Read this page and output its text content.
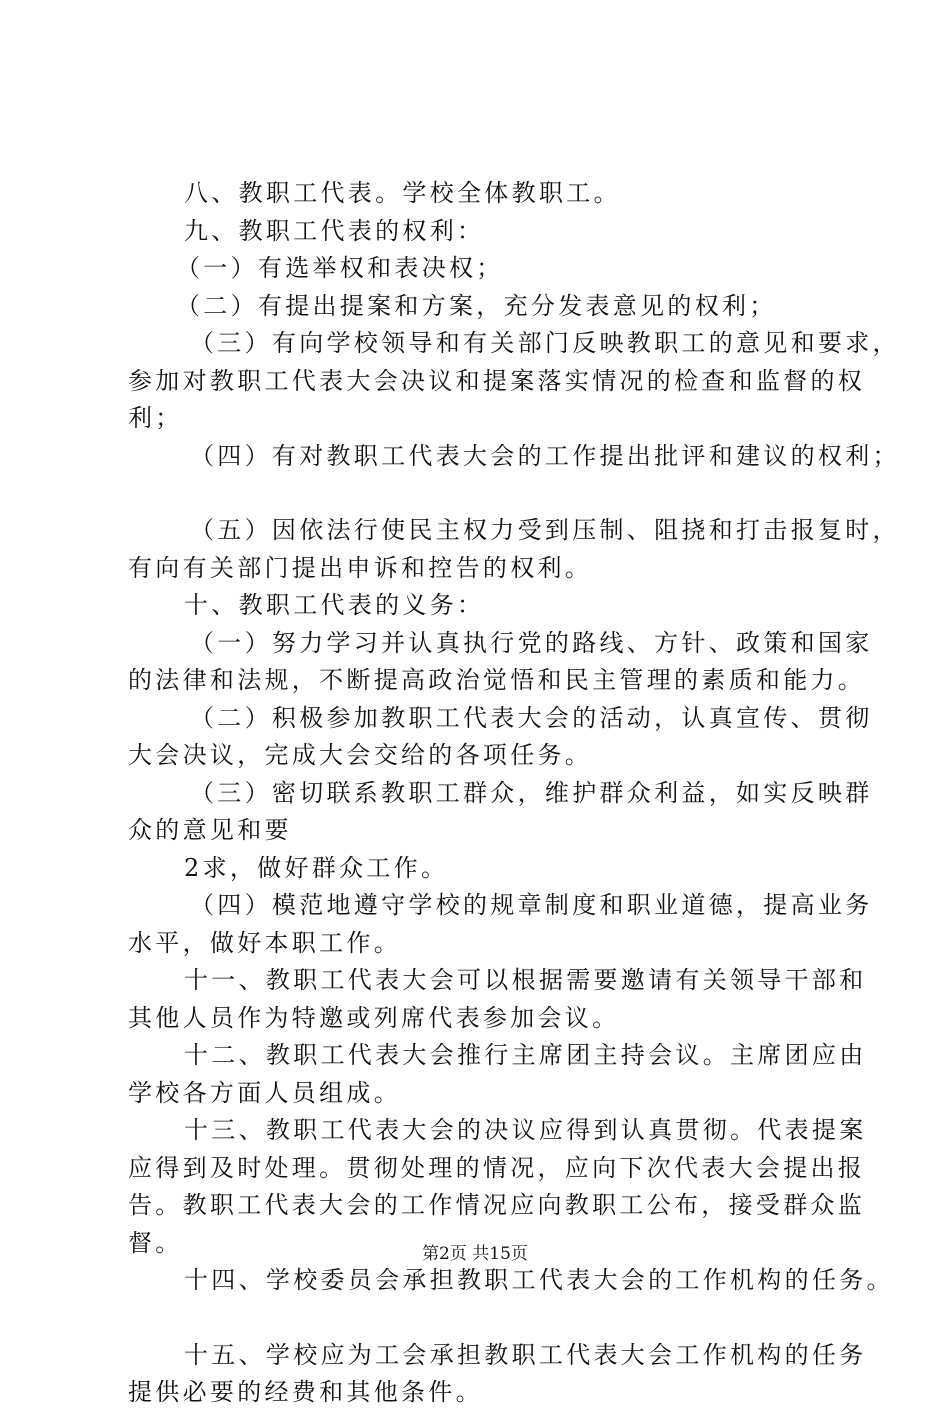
八、教职工代表。学校全体教职工。
九、教职工代表的权利：
（一）有选举权和表决权；
（二）有提出提案和方案，充分发表意见的权利；
（三）有向学校领导和有关部门反映教职工的意见和要求，
参加对教职工代表大会决议和提案落实情况的检查和监督的权
利；
（四）有对教职工代表大会的工作提出批评和建议的权利；
（五）因依法行使民主权力受到压制、阻挠和打击报复时，
有向有关部门提出申诉和控告的权利。
十、教职工代表的义务：
（一）努力学习并认真执行党的路线、方针、政策和国家
的法律和法规，不断提高政治觉悟和民主管理的素质和能力。
（二）积极参加教职工代表大会的活动，认真宣传、贯彻
大会决议，完成大会交给的各项任务。
（三）密切联系教职工群众，维护群众利益，如实反映群
众的意见和要
2求，做好群众工作。
（四）模范地遵守学校的规章制度和职业道德，提高业务
水平，做好本职工作。
十一、教职工代表大会可以根据需要邀请有关领导干部和
其他人员作为特邀或列席代表参加会议。
十二、教职工代表大会推行主席团主持会议。主席团应由
学校各方面人员组成。
十三、教职工代表大会的决议应得到认真贯彻。代表提案
应得到及时处理。贯彻处理的情况，应向下次代表大会提出报
告。教职工代表大会的工作情况应向教职工公布，接受群众监
督。
十四、学校委员会承担教职工代表大会的工作机构的任务。
十五、学校应为工会承担教职工代表大会工作机构的任务
提供必要的经费和其他条件。
第2页 共15页
